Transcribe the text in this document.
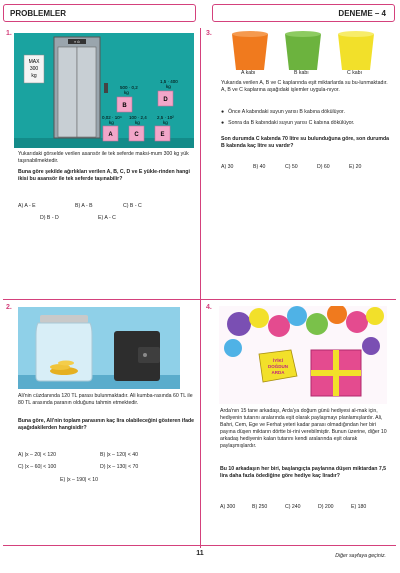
PROBLEMLER	DENEME – 4
1.
≡ ⊙
MAX
300
kg
500 · 0,2
kg
B
1,5 · 400
kg
D
0,02 · 10⁴
kg
A
100 · 2,4
kg
C
2,5 · 10²
kg
E
Yukarıdaki görselde verilen asansör ile tek seferde maksi-mum 300 kg yük taşınabilmektedir.
Buna göre şekilde ağırlıkları verilen A, B, C, D ve E yükle-rinden hangi ikisi bu asansör ile tek seferde taşınabilir?
A) A - E	B) A - B	C) B - C
D) B - D	E) A - C
2.
Ali'nin cüzdanında 120 TL parası bulunmaktadır. Ali kumba-rasında 60 TL ile 80 TL arasında paranın olduğunu tahmin etmektedir.
Buna göre, Ali'nin toplam parasının kaç lira olabileceğini gösteren ifade aşağıdakilerden hangisidir?
A) |x – 20| < 120	B) |x – 120| < 40
C) |x – 60| < 100	D) |x – 130| < 70
E) |x – 190| < 10
3.
A kabı	B kabı	C kabı
Yukarıda verilen A, B ve C kaplarında eşit miktarlarda su bu-lunmaktadır. A, B ve C kaplarına aşağıdaki işlemler uygula-nıyor.
● Önce A kabındaki suyun yarısı B kabına dökülüyor.
● Sonra da B kabındaki suyun yarısı C kabına dökülüyor.
Son durumda C kabında 70 litre su bulunduğuna göre, son durumda B kabında kaç litre su vardır?
A) 30	B) 40	C) 50	D) 60	E) 20
4.
İYİKİ
DOĞDUN
ARDA
Arda'nın 15 tane arkadaşı, Arda'ya doğum günü hediyesi al-mak için, hediyenin tutarını aralarında eşit olarak paylaşmayı planlamışlardır. Ali, Bahri, Cem, Ege ve Ferhat yeteri kadar parası olmadığından her biri payına düşen miktarın dörtte bi-rini verebilmiştir. Bunun üzerine, diğer 10 arkadaş hediyenin kalan tutarını kendi aralarında eşit olarak paylaşmışlardır.
Bu 10 arkadaşın her biri, başlangıçta paylarına düşen miktardan 7,5 lira daha fazla ödediğine göre hediye kaç liradır?
A) 300	B) 250	C) 240	D) 200	E) 180
11	Diğer sayfaya geçiniz.
